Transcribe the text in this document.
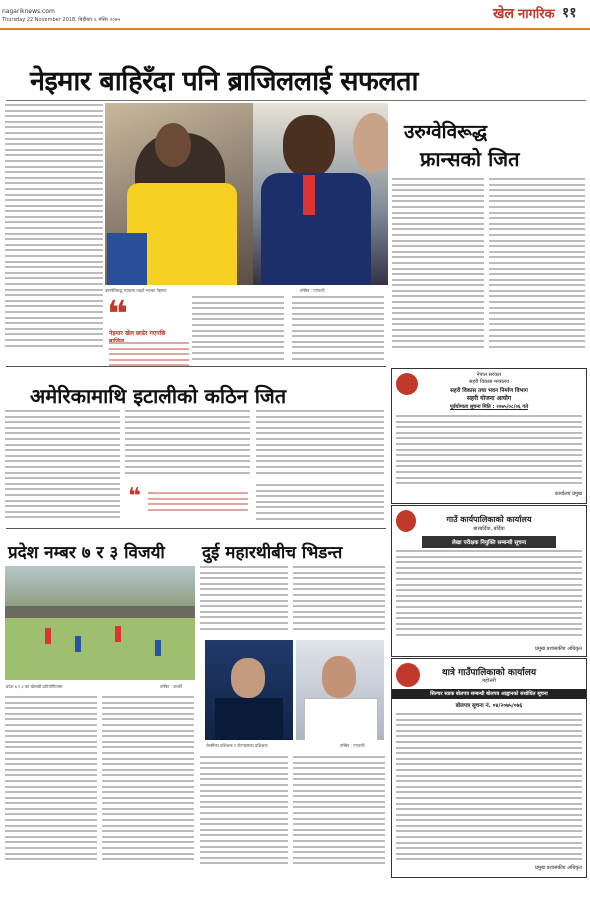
nagariknews.com
Thursday 22 November 2018, बिहीबार ६ मंसिर २०७५	खेल नागरिक ११
नेइमार बाहिरँदा पनि ब्राजिललाई सफलता
उरुग्वेविरुद्ध म्याचमा घाइते भएका नेइमार	तस्बिर : एएफपी
उरुग्वेविरूद्ध
फ्रान्सको जित
❝
नेइमार खेल छाडेर गएपछि
अमेरिकामाथि इटालीको कठिन जित
❝
प्रदेश नम्बर ७ र ३ विजयी
प्रदेश ७ र ३ का खेलाडी प्रतियोगितामा	तस्बिर : कार्की
दुई महारथीबीच भिडन्त
चेल्सीका प्रशिक्षक र टोटनहमका प्रशिक्षक	तस्बिर : एएफपी
नेपाल सरकार
सहरी विकास मन्त्रालय
सहरी विकास तथा भवन निर्माण विभाग
सहरी योजना आयोग
पूर्वयोग्यता सूचना मिति : २०७५/०८/०६ गते
कार्यालय प्रमुख
गाउँ कार्यपालिकाको कार्यालय
बारबर्दिया, बर्दिया
लेखा परीक्षक नियुक्ति सम्बन्धी सूचना
प्रमुख प्रशासकीय अधिकृत
थात्रे गाउँपालिकाको कार्यालय
महोत्तरी
सिल्चर सडक बोलपत्र सम्बन्धी बोलपत्र आह्वानको संशोधित सूचना
बोलपत्र सूचना नं. ०४/२०७५/०७६
प्रमुख प्रशासकीय अधिकृत
